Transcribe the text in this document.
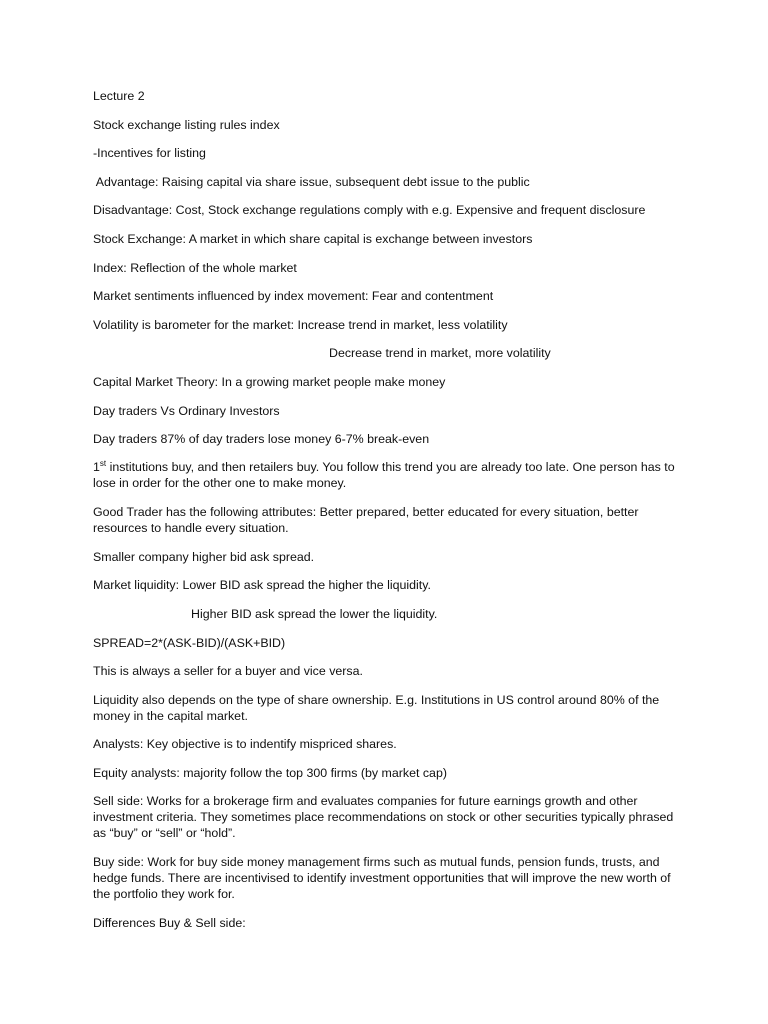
Lecture 2
Stock exchange listing rules index
-Incentives for listing
Advantage: Raising capital via share issue, subsequent debt issue to the public
Disadvantage: Cost, Stock exchange regulations comply with e.g. Expensive and frequent disclosure
Stock Exchange: A market in which share capital is exchange between investors
Index: Reflection of the whole market
Market sentiments influenced by index movement: Fear and contentment
Volatility is barometer for the market: Increase trend in market, less volatility
Decrease trend in market, more volatility
Capital Market Theory: In a growing market people make money
Day traders Vs Ordinary Investors
Day traders 87% of day traders lose money 6-7% break-even
1st institutions buy, and then retailers buy. You follow this trend you are already too late. One person has to lose in order for the other one to make money.
Good Trader has the following attributes: Better prepared, better educated for every situation, better resources to handle every situation.
Smaller company higher bid ask spread.
Market liquidity: Lower BID ask spread the higher the liquidity.
Higher BID ask spread the lower the liquidity.
SPREAD=2*(ASK-BID)/(ASK+BID)
This is always a seller for a buyer and vice versa.
Liquidity also depends on the type of share ownership. E.g. Institutions in US control around 80% of the money in the capital market.
Analysts: Key objective is to indentify mispriced shares.
Equity analysts: majority follow the top 300 firms (by market cap)
Sell side: Works for a brokerage firm and evaluates companies for future earnings growth and other investment criteria. They sometimes place recommendations on stock or other securities typically phrased as “buy” or “sell” or “hold”.
Buy side: Work for buy side money management firms such as mutual funds, pension funds, trusts, and hedge funds. There are incentivised to identify investment opportunities that will improve the new worth of the portfolio they work for.
Differences Buy & Sell side:
